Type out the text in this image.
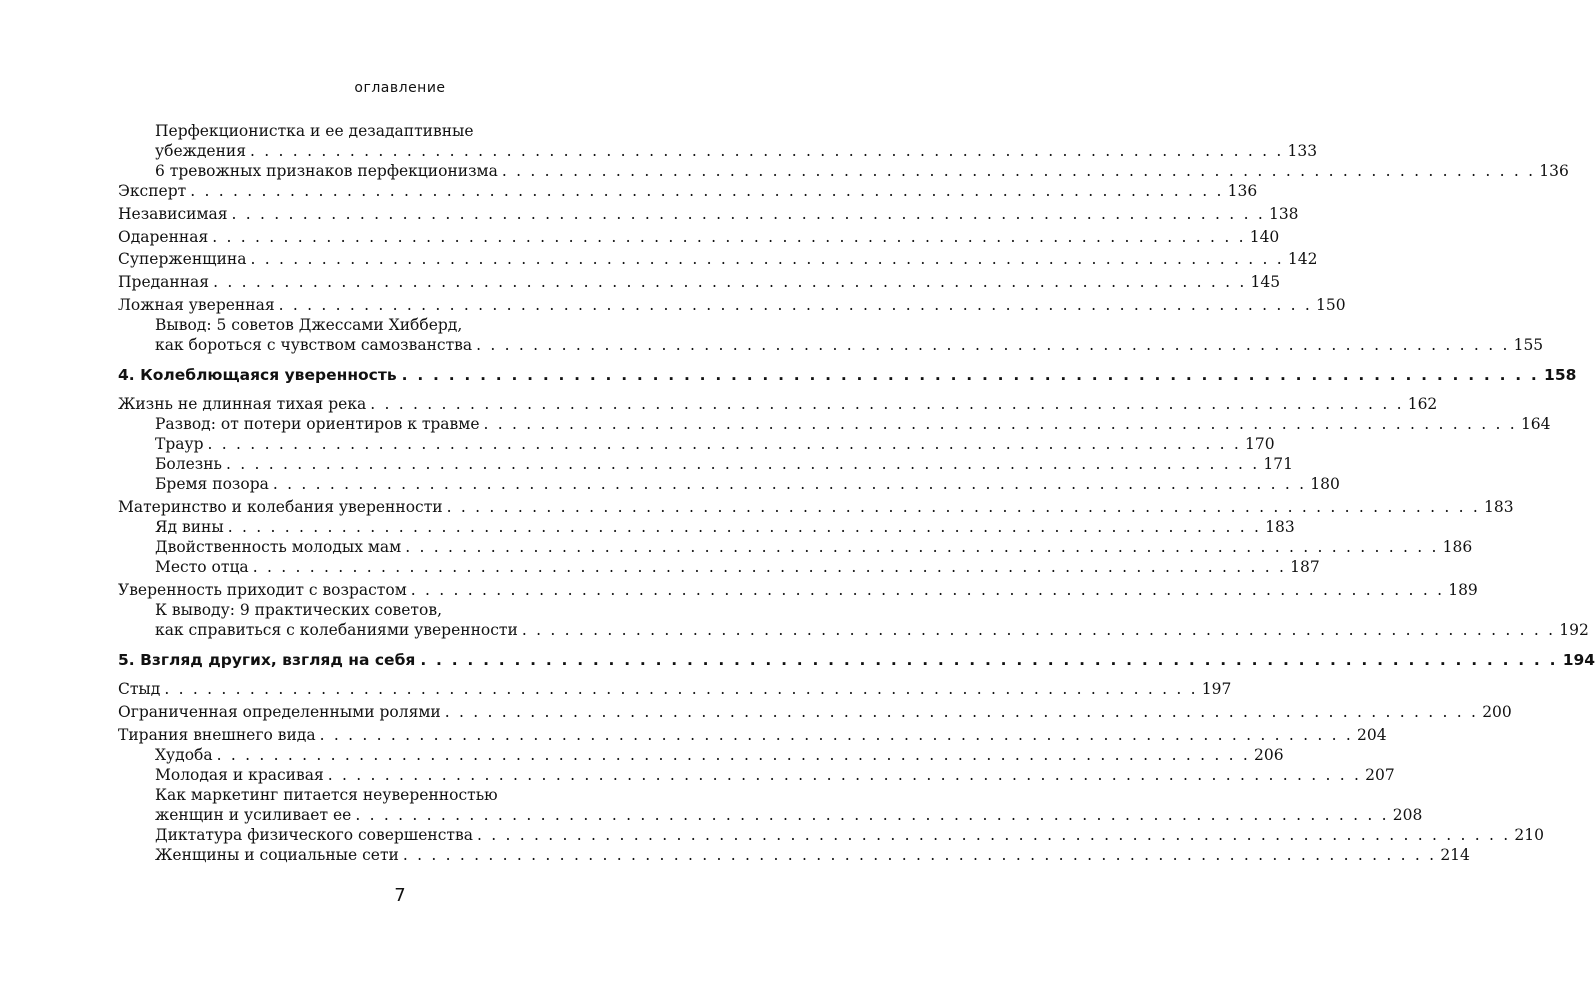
оглавление
Перфекционистка и ее дезадаптивные
убеждения . . . . . . . . . . . . . . . . . . . . . . . . . . . . . . . . . . . . . . . . . . . . . . . . . . . . . . . . . . . . . . . . . . . . . . . . . 133
6 тревожных признаков перфекционизма . . . . . . . . . . . . . . . . . . . . . . . . . . . . . . . . . . . . . . . . . . . . . . . . . . . . . . . . . . . . . . . . . . . . . . . . . 136
Эксперт . . . . . . . . . . . . . . . . . . . . . . . . . . . . . . . . . . . . . . . . . . . . . . . . . . . . . . . . . . . . . . . . . . . . . . . . . 136
Независимая . . . . . . . . . . . . . . . . . . . . . . . . . . . . . . . . . . . . . . . . . . . . . . . . . . . . . . . . . . . . . . . . . . . . . . . . . 138
Одаренная . . . . . . . . . . . . . . . . . . . . . . . . . . . . . . . . . . . . . . . . . . . . . . . . . . . . . . . . . . . . . . . . . . . . . . . . . 140
Суперженщина . . . . . . . . . . . . . . . . . . . . . . . . . . . . . . . . . . . . . . . . . . . . . . . . . . . . . . . . . . . . . . . . . . . . . . . . . 142
Преданная . . . . . . . . . . . . . . . . . . . . . . . . . . . . . . . . . . . . . . . . . . . . . . . . . . . . . . . . . . . . . . . . . . . . . . . . . 145
Ложная уверенная . . . . . . . . . . . . . . . . . . . . . . . . . . . . . . . . . . . . . . . . . . . . . . . . . . . . . . . . . . . . . . . . . . . . . . . . . 150
Вывод: 5 советов Джессами Хибберд,
как бороться с чувством самозванства . . . . . . . . . . . . . . . . . . . . . . . . . . . . . . . . . . . . . . . . . . . . . . . . . . . . . . . . . . . . . . . . . . . . . . . . . 155
4. Колеблющаяся уверенность . . . . . . . . . . . . . . . . . . . . . . . . . . . . . . . . . . . . . . . . . . . . . . . . . . . . . . . . . . . . . . . . . . . . . . . . . 158
Жизнь не длинная тихая река . . . . . . . . . . . . . . . . . . . . . . . . . . . . . . . . . . . . . . . . . . . . . . . . . . . . . . . . . . . . . . . . . . . . . . . . . 162
Развод: от потери ориентиров к травме . . . . . . . . . . . . . . . . . . . . . . . . . . . . . . . . . . . . . . . . . . . . . . . . . . . . . . . . . . . . . . . . . . . . . . . . . 164
Траур . . . . . . . . . . . . . . . . . . . . . . . . . . . . . . . . . . . . . . . . . . . . . . . . . . . . . . . . . . . . . . . . . . . . . . . . . 170
Болезнь . . . . . . . . . . . . . . . . . . . . . . . . . . . . . . . . . . . . . . . . . . . . . . . . . . . . . . . . . . . . . . . . . . . . . . . . . 171
Бремя позора . . . . . . . . . . . . . . . . . . . . . . . . . . . . . . . . . . . . . . . . . . . . . . . . . . . . . . . . . . . . . . . . . . . . . . . . . 180
Материнство и колебания уверенности . . . . . . . . . . . . . . . . . . . . . . . . . . . . . . . . . . . . . . . . . . . . . . . . . . . . . . . . . . . . . . . . . . . . . . . . . 183
Яд вины . . . . . . . . . . . . . . . . . . . . . . . . . . . . . . . . . . . . . . . . . . . . . . . . . . . . . . . . . . . . . . . . . . . . . . . . . 183
Двойственность молодых мам . . . . . . . . . . . . . . . . . . . . . . . . . . . . . . . . . . . . . . . . . . . . . . . . . . . . . . . . . . . . . . . . . . . . . . . . . 186
Место отца . . . . . . . . . . . . . . . . . . . . . . . . . . . . . . . . . . . . . . . . . . . . . . . . . . . . . . . . . . . . . . . . . . . . . . . . . 187
Уверенность приходит с возрастом . . . . . . . . . . . . . . . . . . . . . . . . . . . . . . . . . . . . . . . . . . . . . . . . . . . . . . . . . . . . . . . . . . . . . . . . . 189
К выводу: 9 практических советов,
как справиться с колебаниями уверенности . . . . . . . . . . . . . . . . . . . . . . . . . . . . . . . . . . . . . . . . . . . . . . . . . . . . . . . . . . . . . . . . . . . . . . . . . 192
5. Взгляд других, взгляд на себя . . . . . . . . . . . . . . . . . . . . . . . . . . . . . . . . . . . . . . . . . . . . . . . . . . . . . . . . . . . . . . . . . . . . . . . . . 194
Стыд . . . . . . . . . . . . . . . . . . . . . . . . . . . . . . . . . . . . . . . . . . . . . . . . . . . . . . . . . . . . . . . . . . . . . . . . . 197
Ограниченная определенными ролями . . . . . . . . . . . . . . . . . . . . . . . . . . . . . . . . . . . . . . . . . . . . . . . . . . . . . . . . . . . . . . . . . . . . . . . . . 200
Тирания внешнего вида . . . . . . . . . . . . . . . . . . . . . . . . . . . . . . . . . . . . . . . . . . . . . . . . . . . . . . . . . . . . . . . . . . . . . . . . . 204
Худоба . . . . . . . . . . . . . . . . . . . . . . . . . . . . . . . . . . . . . . . . . . . . . . . . . . . . . . . . . . . . . . . . . . . . . . . . . 206
Молодая и красивая . . . . . . . . . . . . . . . . . . . . . . . . . . . . . . . . . . . . . . . . . . . . . . . . . . . . . . . . . . . . . . . . . . . . . . . . . 207
Как маркетинг питается неуверенностью
женщин и усиливает ее . . . . . . . . . . . . . . . . . . . . . . . . . . . . . . . . . . . . . . . . . . . . . . . . . . . . . . . . . . . . . . . . . . . . . . . . . 208
Диктатура физического совершенства . . . . . . . . . . . . . . . . . . . . . . . . . . . . . . . . . . . . . . . . . . . . . . . . . . . . . . . . . . . . . . . . . . . . . . . . . 210
Женщины и социальные сети . . . . . . . . . . . . . . . . . . . . . . . . . . . . . . . . . . . . . . . . . . . . . . . . . . . . . . . . . . . . . . . . . . . . . . . . . 214
7
